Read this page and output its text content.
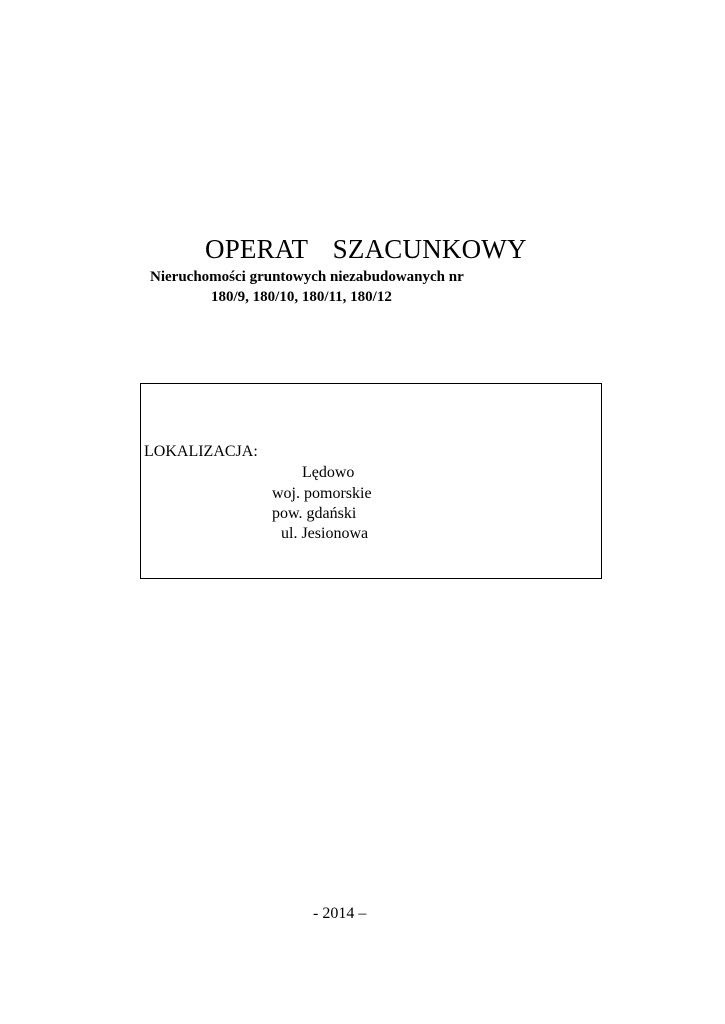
OPERAT SZACUNKOWY
Nieruchomości gruntowych niezabudowanych nr
180/9, 180/10, 180/11, 180/12
LOKALIZACJA:
Lędowo
woj. pomorskie
pow. gdański
ul. Jesionowa
- 2014 –
